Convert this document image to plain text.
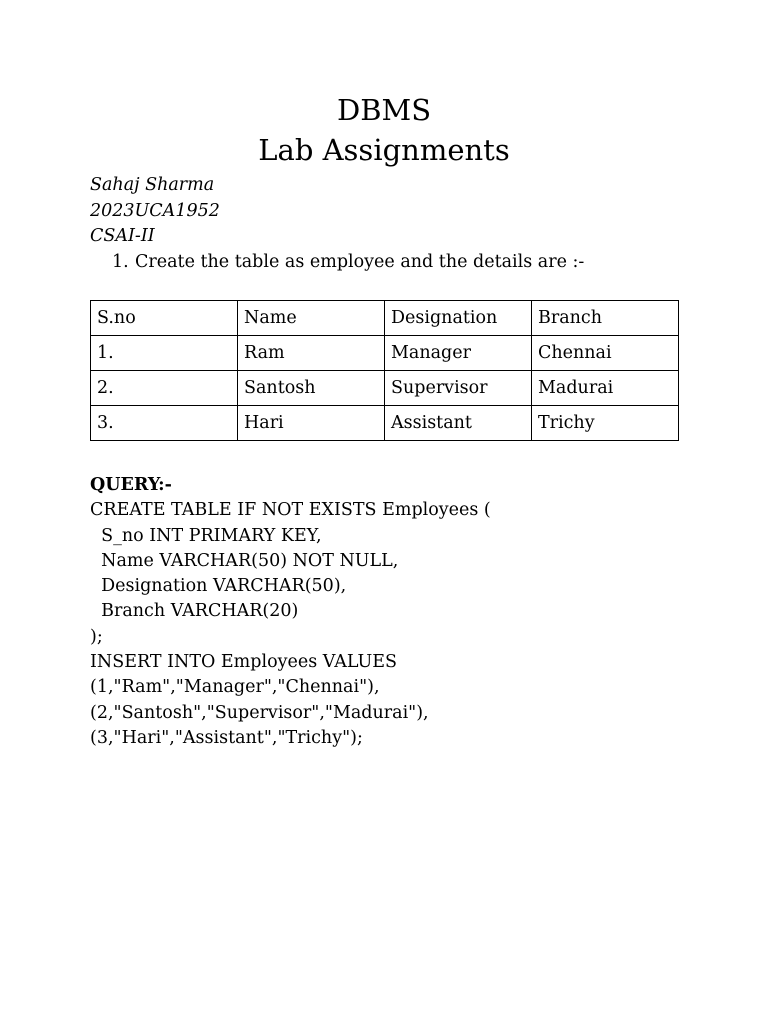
DBMS
Lab Assignments
Sahaj Sharma
2023UCA1952
CSAI-II
1. Create the table as employee and the details are :-
S.no	Name	Designation	Branch
1.	Ram	Manager	Chennai
2.	Santosh	Supervisor	Madurai
3.	Hari	Assistant	Trichy
QUERY:-
CREATE TABLE IF NOT EXISTS Employees (
S_no INT PRIMARY KEY,
Name VARCHAR(50) NOT NULL,
Designation VARCHAR(50),
Branch VARCHAR(20)
);
INSERT INTO Employees VALUES
(1,"Ram","Manager","Chennai"),
(2,"Santosh","Supervisor","Madurai"),
(3,"Hari","Assistant","Trichy");
